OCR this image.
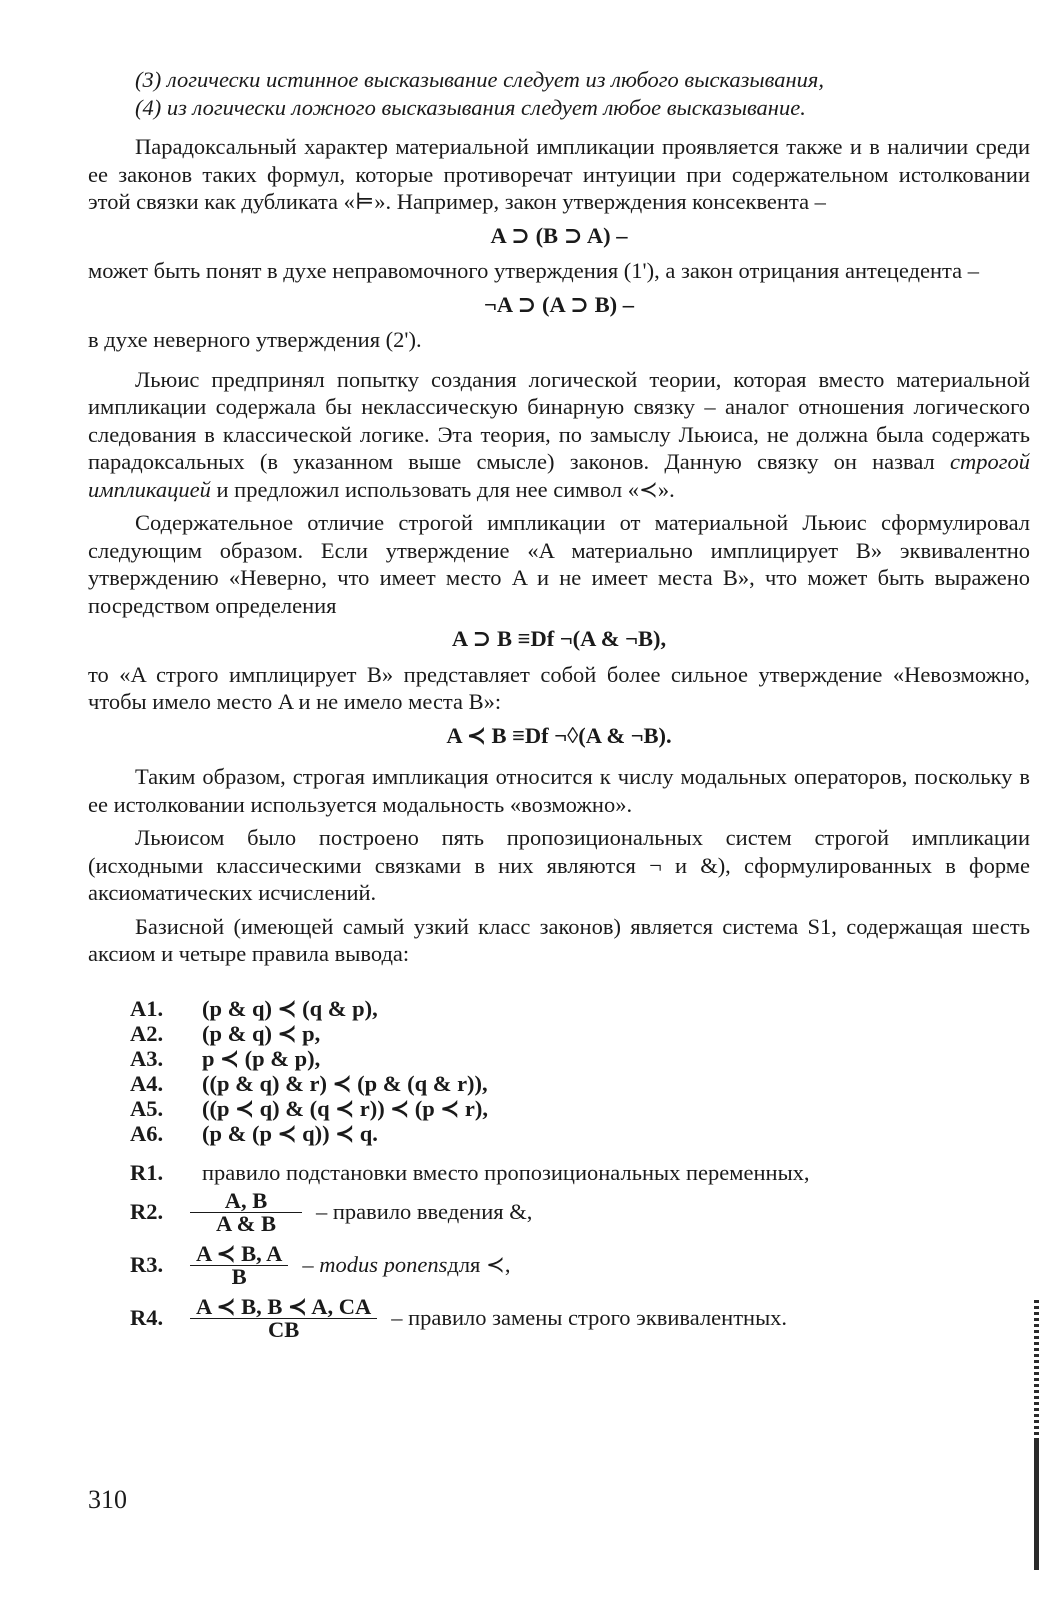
(3) логически истинное высказывание следует из любого высказывания,

(4) из логически ложного высказывания следует любое высказывание.

Парадоксальный характер материальной импликации проявляется также и в наличии среди ее законов таких формул, которые противоречат интуиции при содержательном истолковании этой связки как дубликата «⊨». Например, закон утверждения консеквента –

A ⊃ (B ⊃ A) –

может быть понят в духе неправомочного утверждения (1'), а закон отрицания антецедента –

¬A ⊃ (A ⊃ B) –

в духе неверного утверждения (2').

Льюис предпринял попытку создания логической теории, которая вместо материальной импликации содержала бы неклассическую бинарную связку – аналог отношения логического следования в классической логике. Эта теория, по замыслу Льюиса, не должна была содержать парадоксальных (в указанном выше смысле) законов. Данную связку он назвал строгой импликацией и предложил использовать для нее символ «≺».

Содержательное отличие строгой импликации от материальной Льюис сформулировал следующим образом. Если утверждение «A материально имплицирует B» эквивалентно утверждению «Неверно, что имеет место A и не имеет места B», что может быть выражено посредством определения

A ⊃ B ≡Df ¬(A & ¬B),

то «A строго имплицирует B» представляет собой более сильное утверждение «Невозможно, чтобы имело место A и не имело места B»:

A ≺ B ≡Df ¬◊(A & ¬B).

Таким образом, строгая импликация относится к числу модальных операторов, поскольку в ее истолковании используется модальность «возможно».

Льюисом было построено пять пропозициональных систем строгой импликации (исходными классическими связками в них являются ¬ и &), сформулированных в форме аксиоматических исчислений.

Базисной (имеющей самый узкий класс законов) является система S1, содержащая шесть аксиом и четыре правила вывода:

A1.	(p & q) ≺ (q & p),
A2.	(p & q) ≺ p,
A3.	p ≺ (p & p),
A4.	((p & q) & r) ≺ (p & (q & r)),
A5.	((p ≺ q) & (q ≺ r)) ≺ (p ≺ r),
A6.	(p & (p ≺ q)) ≺ q.
R1.	правило подстановки вместо пропозициональных переменных,
R2.	$\frac{A, B}{A \& B}$ – правило введения &,
R3.	$\frac{A ≺ B, A}{B}$ – modus ponens для ≺,
R4.	$\frac{A ≺ B, B ≺ A, CA}{CB}$ – правило замены строго эквивалентных.
310
